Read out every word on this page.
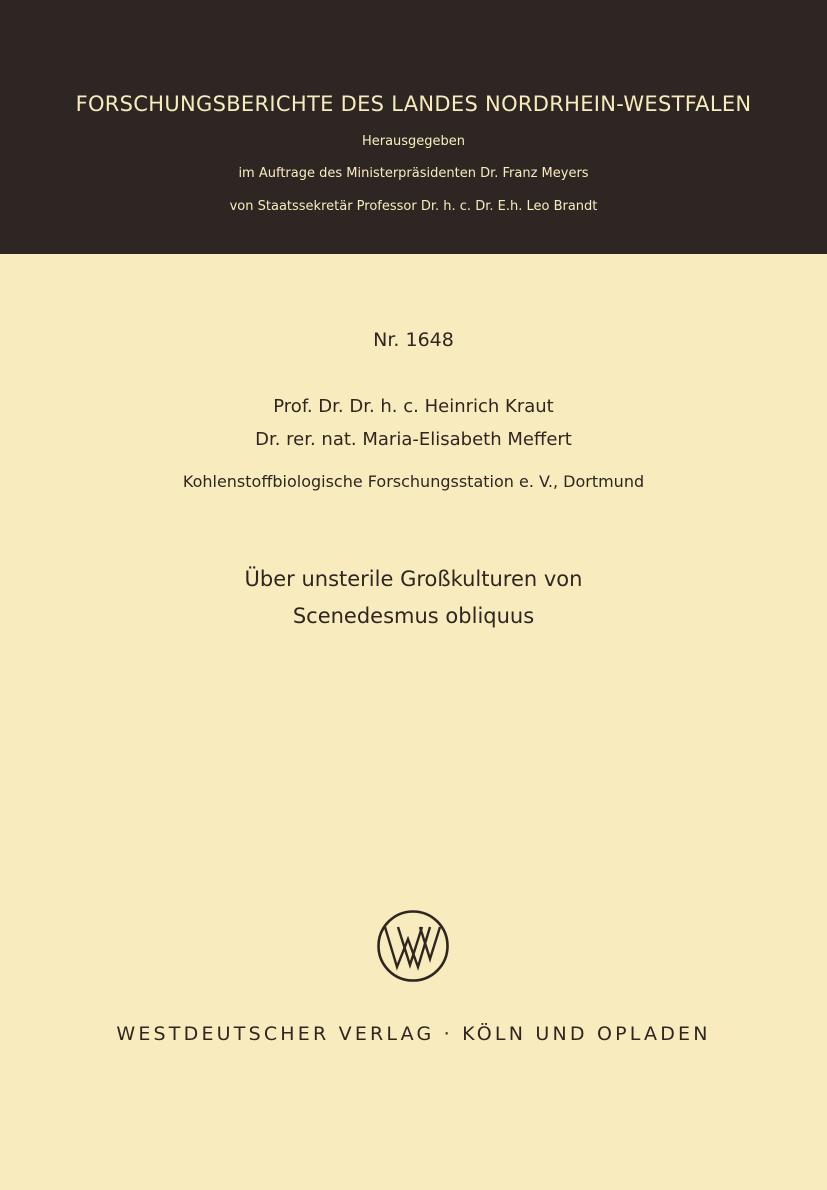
FORSCHUNGSBERICHTE DES LANDES NORDRHEIN-WESTFALEN
Herausgegeben
im Auftrage des Ministerpräsidenten Dr. Franz Meyers
von Staatssekretär Professor Dr. h. c. Dr. E.h. Leo Brandt
Nr. 1648
Prof. Dr. Dr. h. c. Heinrich Kraut
Dr. rer. nat. Maria-Elisabeth Meffert
Kohlenstoffbiologische Forschungsstation e. V., Dortmund
Über unsterile Großkulturen von
Scenedesmus obliquus
WESTDEUTSCHER VERLAG · KÖLN UND OPLADEN
